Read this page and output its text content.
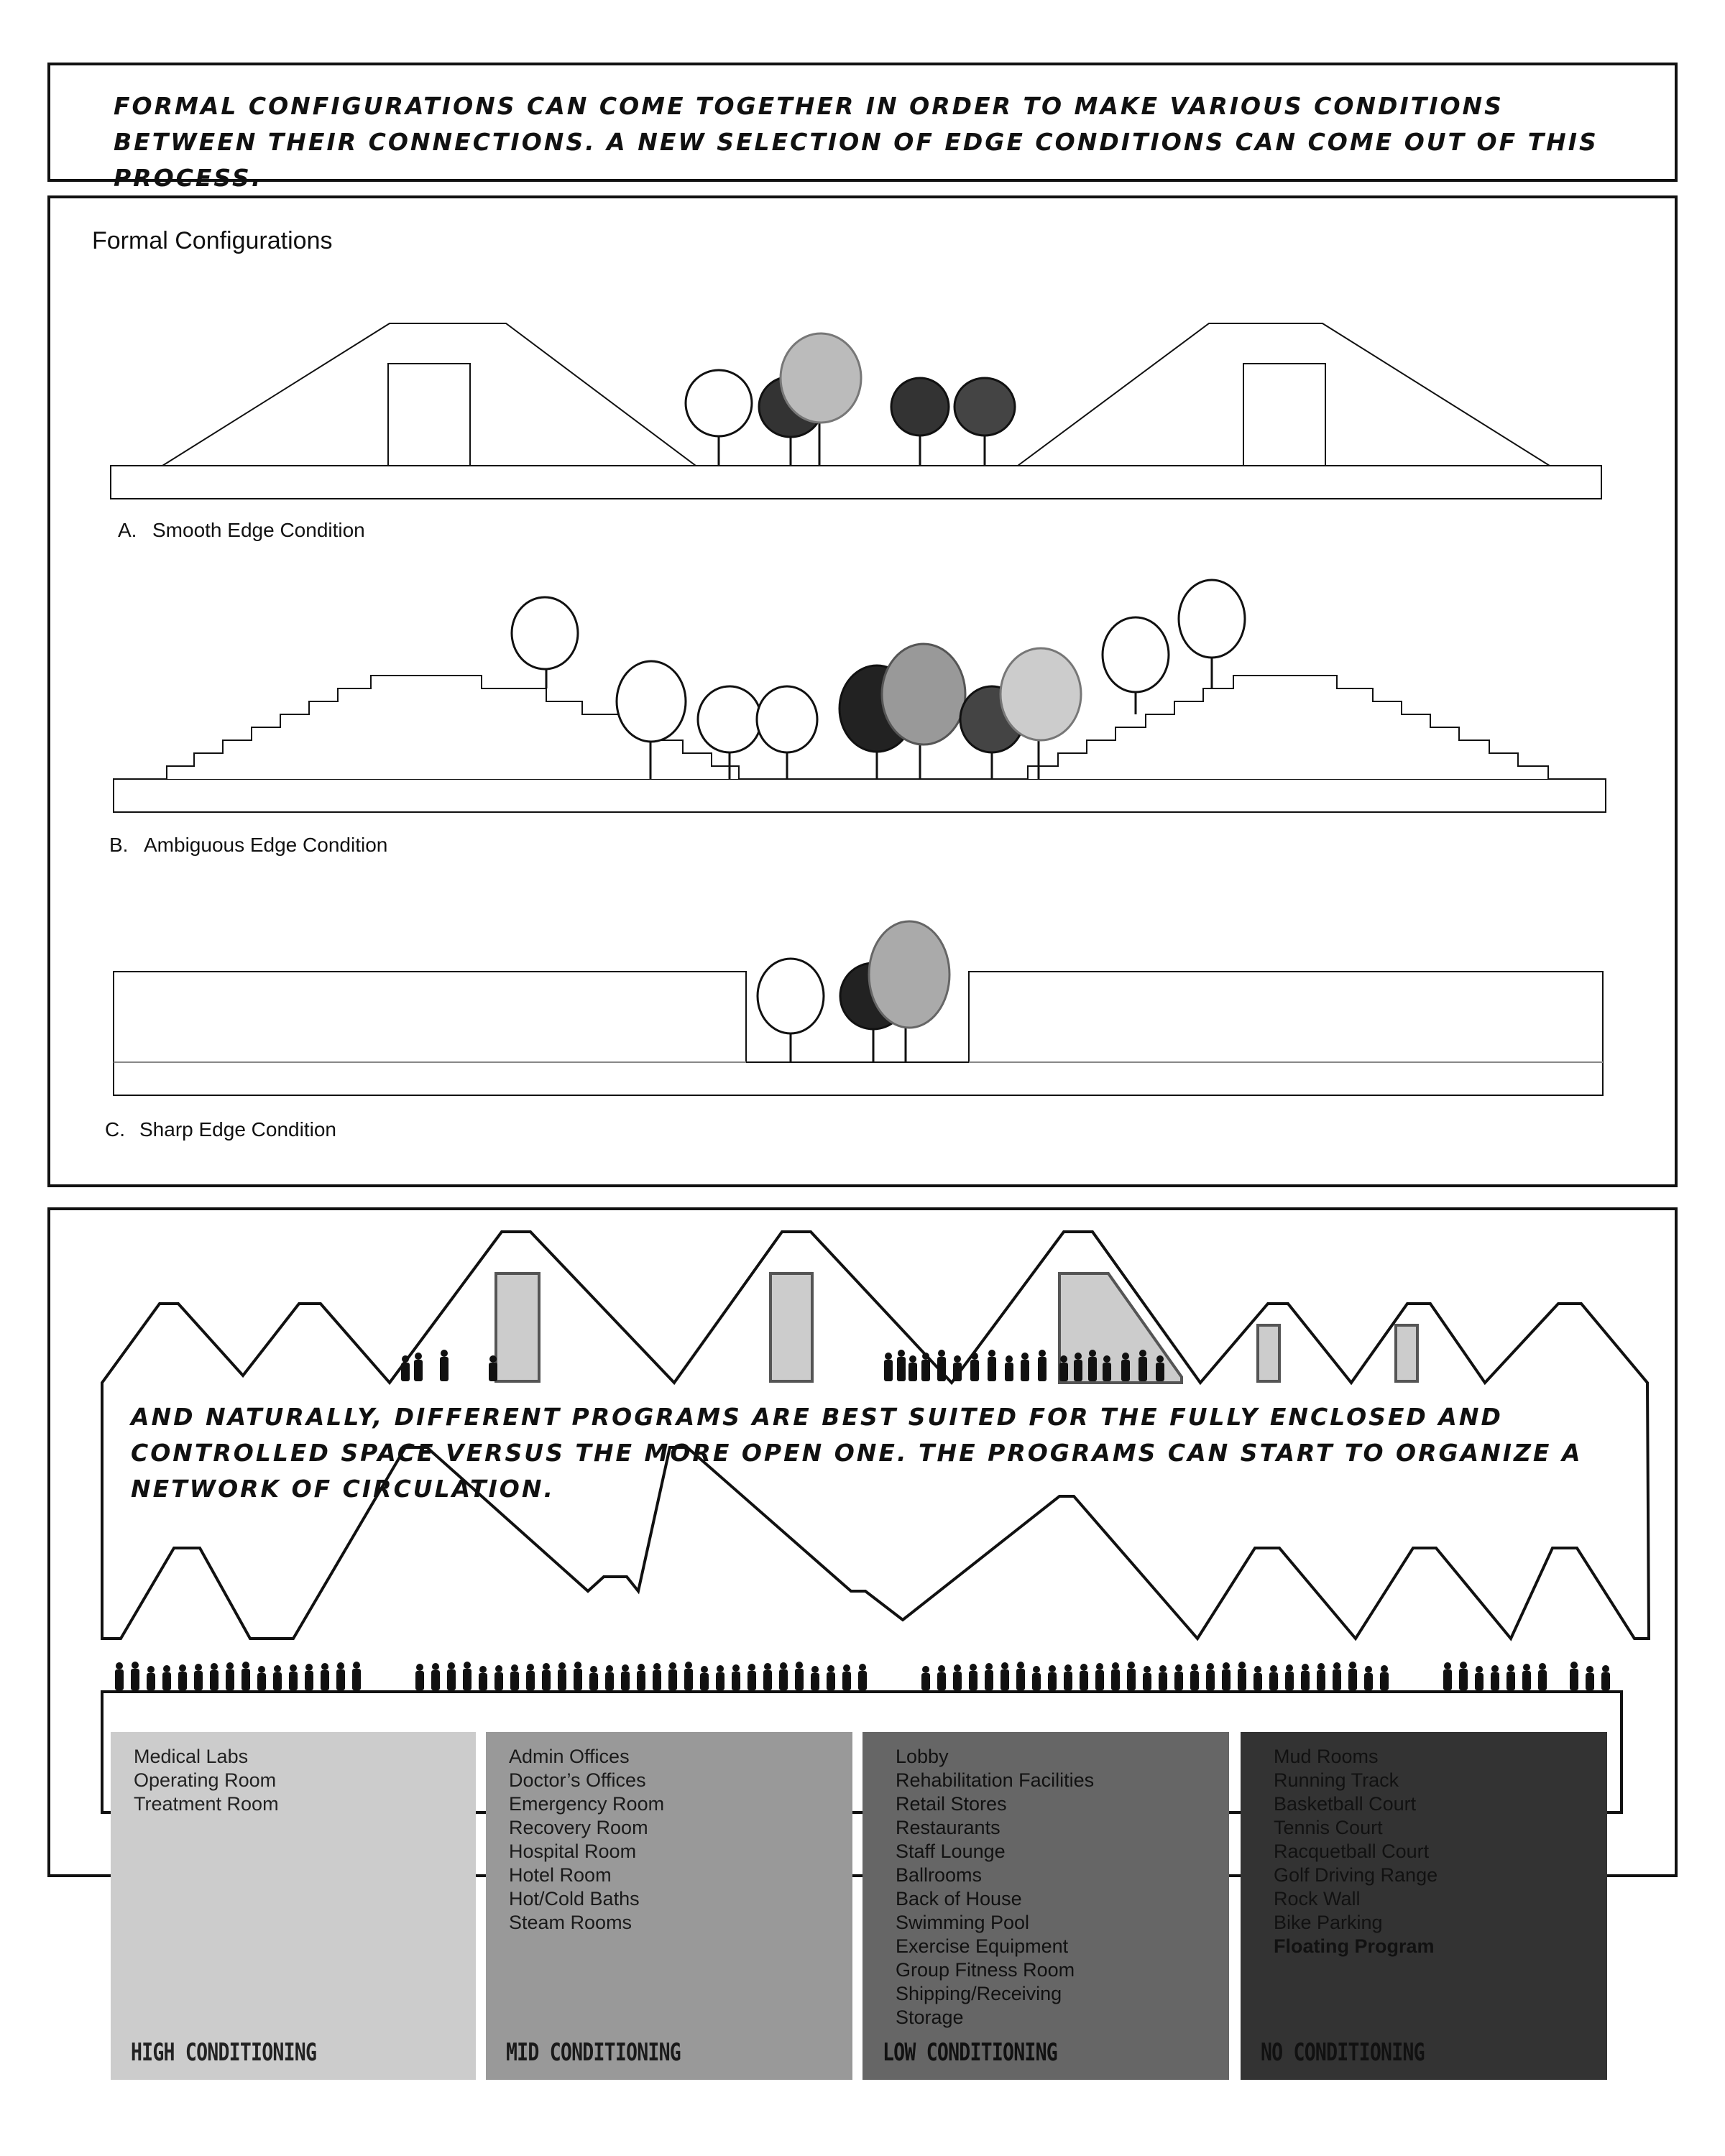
FORMAL CONFIGURATIONS CAN COME TOGETHER IN ORDER TO MAKE VARIOUS CONDITIONS BETWEEN THEIR CONNECTIONS. A NEW SELECTION OF EDGE CONDITIONS CAN COME OUT OF THIS PROCESS.
Formal Configurations
A. Smooth Edge Condition
B. Ambiguous Edge Condition
C. Sharp Edge Condition
AND NATURALLY, DIFFERENT PROGRAMS ARE BEST SUITED FOR THE FULLY ENCLOSED AND CONTROLLED SPACE VERSUS THE MORE OPEN ONE. THE PROGRAMS CAN START TO ORGANIZE A NETWORK OF CIRCULATION.
Medical Labs
Operating Room
Treatment Room
HIGH CONDITIONING
Admin Offices
Doctor’s Offices
Emergency Room
Recovery Room
Hospital Room
Hotel Room
Hot/Cold Baths
Steam Rooms
MID CONDITIONING
Lobby
Rehabilitation Facilities
Retail Stores
Restaurants
Staff Lounge
Ballrooms
Back of House
Swimming Pool
Exercise Equipment
Group Fitness Room
Shipping/Receiving
Storage
LOW CONDITIONING
Mud Rooms
Running Track
Basketball Court
Tennis Court
Racquetball Court
Golf Driving Range
Rock Wall
Bike Parking
Floating Program
NO CONDITIONING
